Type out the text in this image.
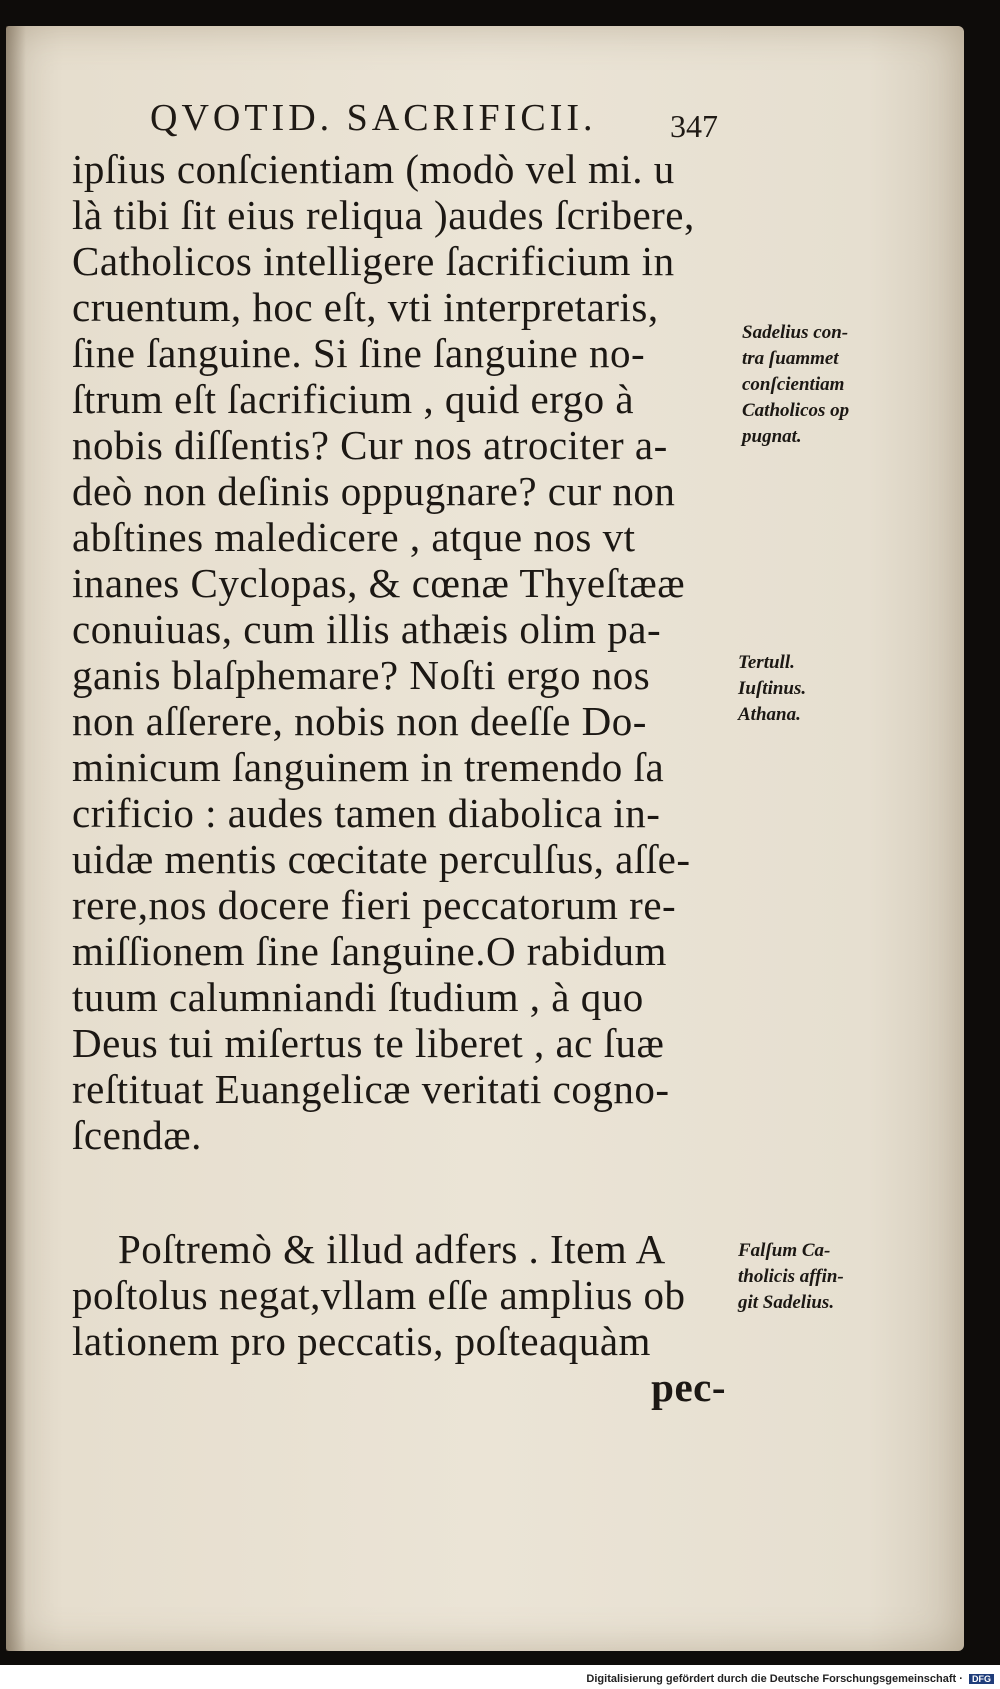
QVOTID. SACRIFICII. 347
ipſius conſcientiam (modò vel mi. u
là tibi ſit eius reliqua )audes ſcribere,
Catholicos intelligere ſacrificium in
cruentum, hoc eſt, vti interpretaris,
ſine ſanguine. Si ſine ſanguine no-
ſtrum eſt ſacrificium , quid ergo à
nobis diſſentis? Cur nos atrociter a-
deò non deſinis oppugnare? cur non
abſtines maledicere , atque nos vt
inanes Cyclopas, & cœnæ Thyeſtææ
conuiuas, cum illis athæis olim pa-
ganis blaſphemare? Noſti ergo nos
non aſſerere, nobis non deeſſe Do-
minicum ſanguinem in tremendo ſa
crificio : audes tamen diabolica in-
uidæ mentis cœcitate perculſus, aſſe-
rere,nos docere fieri peccatorum re-
miſſionem ſine ſanguine.O rabidum
tuum calumniandi ſtudium , à quo
Deus tui miſertus te liberet , ac ſuæ
reſtituat Euangelicæ veritati cogno-
ſcendæ.
Poſtremò & illud adfers . Item A
poſtolus negat,vllam eſſe amplius ob
lationem pro peccatis, poſteaquàm
pec-
Sadelius con-
tra ſuammet
conſcientiam
Catholicos op
pugnat.
Tertull.
Iuſtinus.
Athana.
Falſum Ca-
tholicis affin-
git Sadelius.
Digitalisierung gefördert durch die Deutsche Forschungsgemeinschaft · DFG
